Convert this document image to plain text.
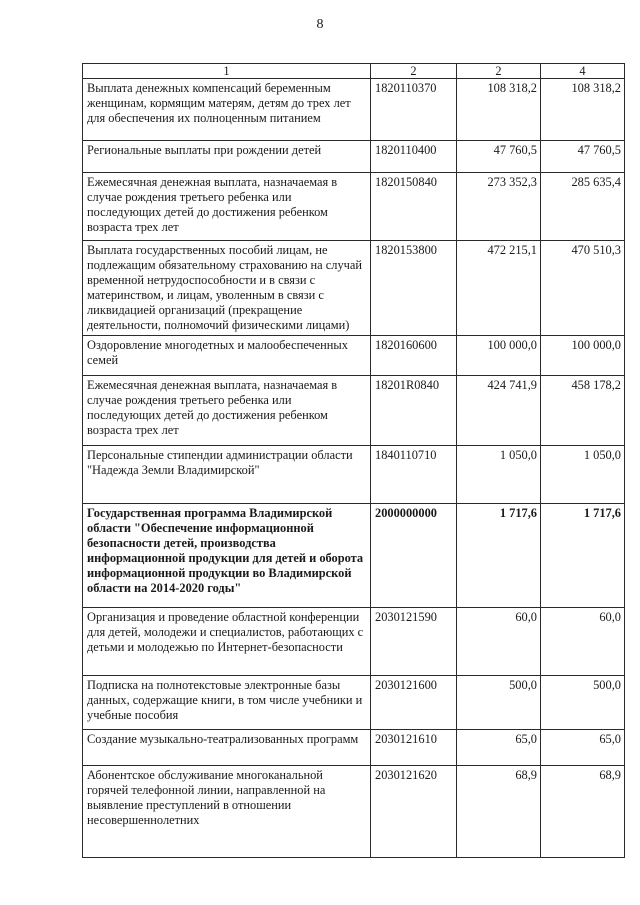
8
1	2	2	4
Выплата денежных компенсаций беременным женщинам, кормящим матерям, детям до трех лет для обеспечения их полноценным питанием	1820110370	108 318,2	108 318,2
Региональные выплаты при рождении детей	1820110400	47 760,5	47 760,5
Ежемесячная денежная выплата, назначаемая в случае рождения третьего ребенка или последующих детей до достижения ребенком возраста трех лет	1820150840	273 352,3	285 635,4
Выплата государственных пособий лицам, не подлежащим обязательному страхованию на случай временной нетрудоспособности и в связи с материнством, и лицам, уволенным в связи с ликвидацией организаций (прекращение деятельности, полномочий физическими лицами)	1820153800	472 215,1	470 510,3
Оздоровление многодетных и малообеспеченных семей	1820160600	100 000,0	100 000,0
Ежемесячная денежная выплата, назначаемая в случае рождения третьего ребенка или последующих детей до достижения ребенком возраста трех лет	18201R0840	424 741,9	458 178,2
Персональные стипендии администрации области "Надежда Земли Владимирской"	1840110710	1 050,0	1 050,0
Государственная программа Владимирской области "Обеспечение информационной безопасности детей, производства информационной продукции для детей и оборота информационной продукции во Владимирской области на 2014-2020 годы"	2000000000	1 717,6	1 717,6
Организация и проведение областной конференции для детей, молодежи и специалистов, работающих с детьми и молодежью по Интернет-безопасности	2030121590	60,0	60,0
Подписка на полнотекстовые электронные базы данных, содержащие книги, в том числе учебники и учебные пособия	2030121600	500,0	500,0
Создание музыкально-театрализованных программ	2030121610	65,0	65,0
Абонентское обслуживание многоканальной горячей телефонной линии, направленной на выявление преступлений в отношении несовершеннолетних	2030121620	68,9	68,9
